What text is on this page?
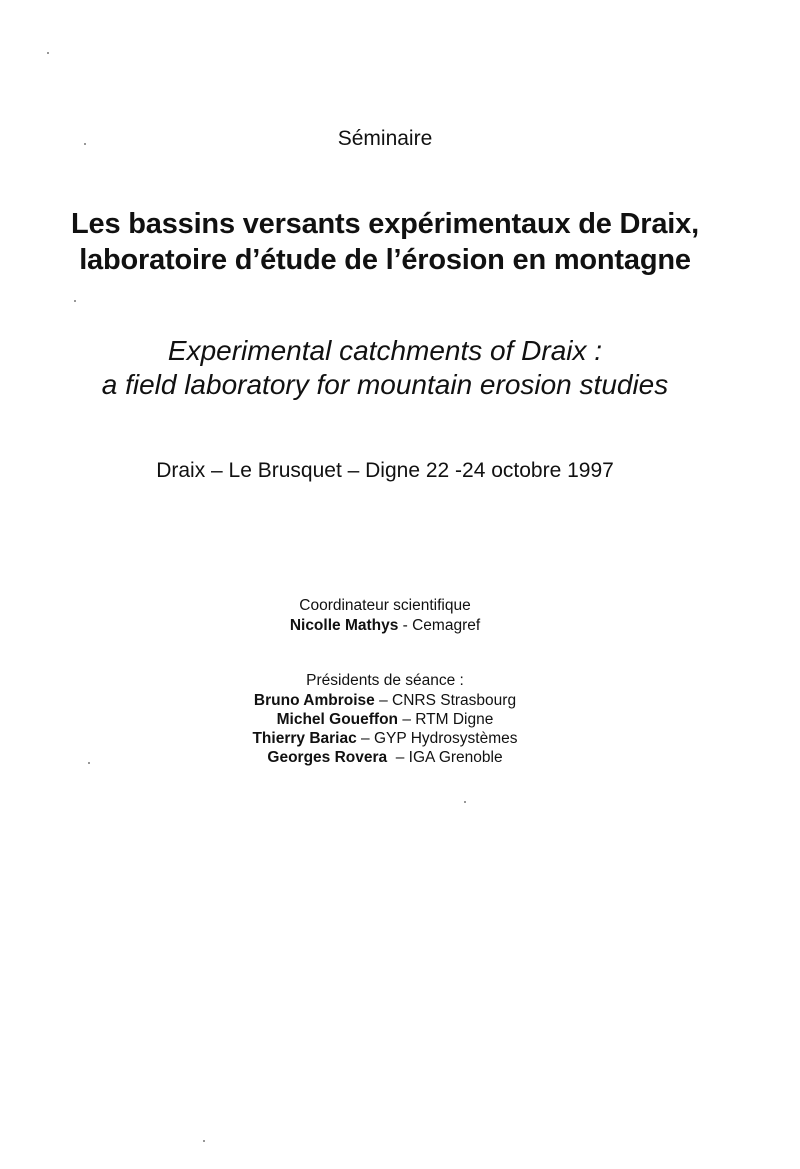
Séminaire
Les bassins versants expérimentaux de Draix,
laboratoire d’étude de l’érosion en montagne
Experimental catchments of Draix :
a field laboratory for mountain erosion studies
Draix – Le Brusquet – Digne 22 -24 octobre 1997
Coordinateur scientifique
Nicolle Mathys - Cemagref
Présidents de séance :
Bruno Ambroise – CNRS Strasbourg
Michel Goueffon – RTM Digne
Thierry Bariac – GYP Hydrosystèmes
Georges Rovera  – IGA Grenoble
